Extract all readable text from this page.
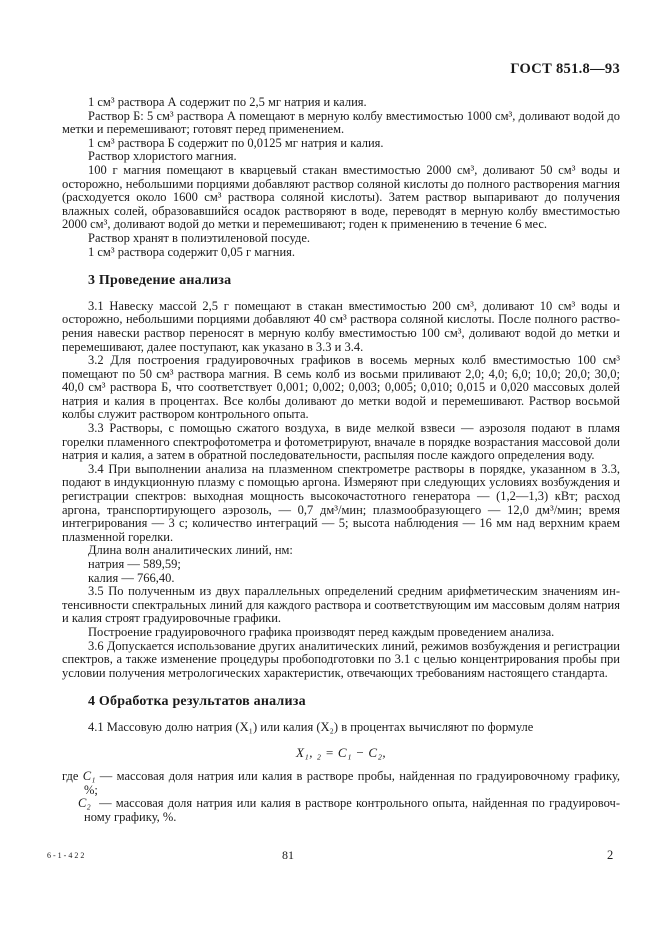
ГОСТ 851.8—93

1 см³ раствора А содержит по 2,5 мг натрия и калия.

Раствор Б: 5 см³ раствора А помещают в мерную колбу вместимостью 1000 см³, доливают водой до метки и перемешивают; готовят перед применением.

1 см³ раствора Б содержит по 0,0125 мг натрия и калия.

Раствор хлористого магния.

100 г магния помещают в кварцевый стакан вместимостью 2000 см³, доливают 50 см³ воды и осторожно, небольшими порциями добавляют раствор соляной кислоты до полного растворения магния (расходуется около 1600 см³ раствора соляной кислоты). Затем раствор выпаривают до получения влажных солей, образовавшийся осадок растворяют в воде, переводят в мерную колбу вместимостью 2000 см³, доливают водой до метки и перемешивают; годен к применению в течение 6 мес.

Раствор хранят в полиэтиленовой посуде.

1 см³ раствора содержит 0,05 г магния.

3 Проведение анализа

3.1 Навеску массой 2,5 г помещают в стакан вместимостью 200 см³, доливают 10 см³ воды и осторожно, небольшими порциями добавляют 40 см³ раствора соляной кислоты. После полного растворения навески раствор переносят в мерную колбу вместимостью 100 см³, доливают водой до метки и перемешивают, далее поступают, как указано в 3.3 и 3.4.

3.2 Для построения градуировочных графиков в восемь мерных колб вместимостью 100 см³ помещают по 50 см³ раствора магния. В семь колб из восьми приливают 2,0; 4,0; 6,0; 10,0; 20,0; 30,0; 40,0 см³ раствора Б, что соответствует 0,001; 0,002; 0,003; 0,005; 0,010; 0,015 и 0,020 массовых долей натрия и калия в процентах. Все колбы доливают до метки водой и перемешивают. Раствор восьмой колбы служит раствором контрольного опыта.

3.3 Растворы, с помощью сжатого воздуха, в виде мелкой взвеси — аэрозоля подают в пламя горелки пламенного спектрофотометра и фотометрируют, вначале в порядке возрастания массовой доли натрия и калия, а затем в обратной последовательности, распыляя после каждого определения воду.

3.4 При выполнении анализа на плазменном спектрометре растворы в порядке, указанном в 3.3, подают в индукционную плазму с помощью аргона. Измеряют при следующих условиях возбуждения и регистрации спектров: выходная мощность высокочастотного генератора — (1,2—1,3) кВт; расход аргона, транспортирующего аэрозоль, — 0,7 дм³/мин; плазмообразующего — 12,0 дм³/мин; время интегрирования — 3 с; количество интеграций — 5; высота наблюдения — 16 мм над верхним краем плазменной горелки.

Длина волн аналитических линий, нм:

натрия — 589,59;

калия — 766,40.

3.5 По полученным из двух параллельных определений средним арифметическим значениям интенсивности спектральных линий для каждого раствора и соответствующим им массовым долям натрия и калия строят градуировочные графики.

Построение градуировочного графика производят перед каждым проведением анализа.

3.6 Допускается использование других аналитических линий, режимов возбуждения и регистрации спектров, а также изменение процедуры пробоподготовки по 3.1 с целью концентрирования пробы при условии получения метрологических характеристик, отвечающих требованиям настоящего стандарта.

4 Обработка результатов анализа

4.1 Массовую долю натрия (X₁) или калия (X₂) в процентах вычисляют по формуле

X₁, ₂ = C₁ − C₂,

где C₁ — массовая доля натрия или калия в растворе пробы, найденная по градуировочному графику, %;

C₂ — массовая доля натрия или калия в растворе контрольного опыта, найденная по градуировочному графику, %.

6-1-422	81	2
